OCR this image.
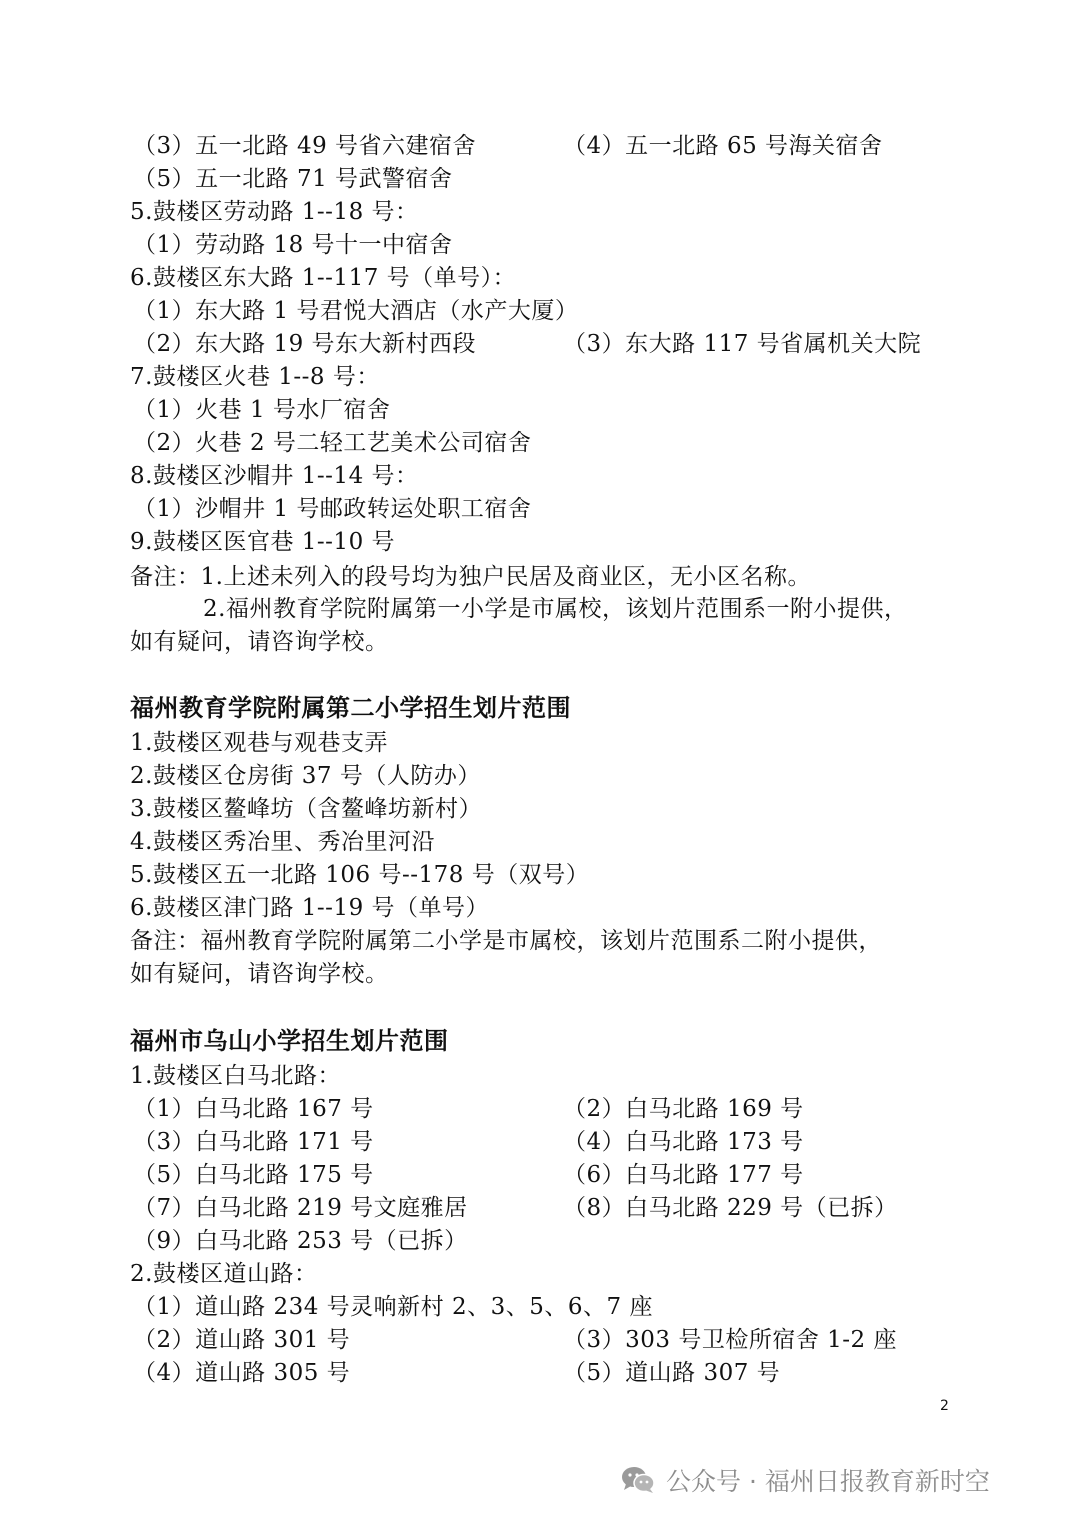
（3）五一北路 49 号省六建宿舍	（4）五一北路 65 号海关宿舍
（5）五一北路 71 号武警宿舍
5.鼓楼区劳动路 1--18 号：
（1）劳动路 18 号十一中宿舍
6.鼓楼区东大路 1--117 号（单号）：
（1）东大路 1 号君悦大酒店（水产大厦）
（2）东大路 19 号东大新村西段	（3）东大路 117 号省属机关大院
7.鼓楼区火巷 1--8 号：
（1）火巷 1 号水厂宿舍
（2）火巷 2 号二轻工艺美术公司宿舍
8.鼓楼区沙帽井 1--14 号：
（1）沙帽井 1 号邮政转运处职工宿舍
9.鼓楼区医官巷 1--10 号
备注：1.上述未列入的段号均为独户民居及商业区，无小区名称。
2.福州教育学院附属第一小学是市属校，该划片范围系一附小提供，
如有疑问，请咨询学校。
福州教育学院附属第二小学招生划片范围
1.鼓楼区观巷与观巷支弄
2.鼓楼区仓房街 37 号（人防办）
3.鼓楼区鳌峰坊（含鳌峰坊新村）
4.鼓楼区秀冶里、秀冶里河沿
5.鼓楼区五一北路 106 号--178 号（双号）
6.鼓楼区津门路 1--19 号（单号）
备注：福州教育学院附属第二小学是市属校，该划片范围系二附小提供，
如有疑问，请咨询学校。
福州市乌山小学招生划片范围
1.鼓楼区白马北路：
（1）白马北路 167 号	（2）白马北路 169 号
（3）白马北路 171 号	（4）白马北路 173 号
（5）白马北路 175 号	（6）白马北路 177 号
（7）白马北路 219 号文庭雅居	（8）白马北路 229 号（已拆）
（9）白马北路 253 号（已拆）
2.鼓楼区道山路：
（1）道山路 234 号灵响新村 2、3、5、6、7 座
（2）道山路 301 号	（3）303 号卫检所宿舍 1-2 座
（4）道山路 305 号	（5）道山路 307 号
2
公众号 · 福州日报教育新时空
